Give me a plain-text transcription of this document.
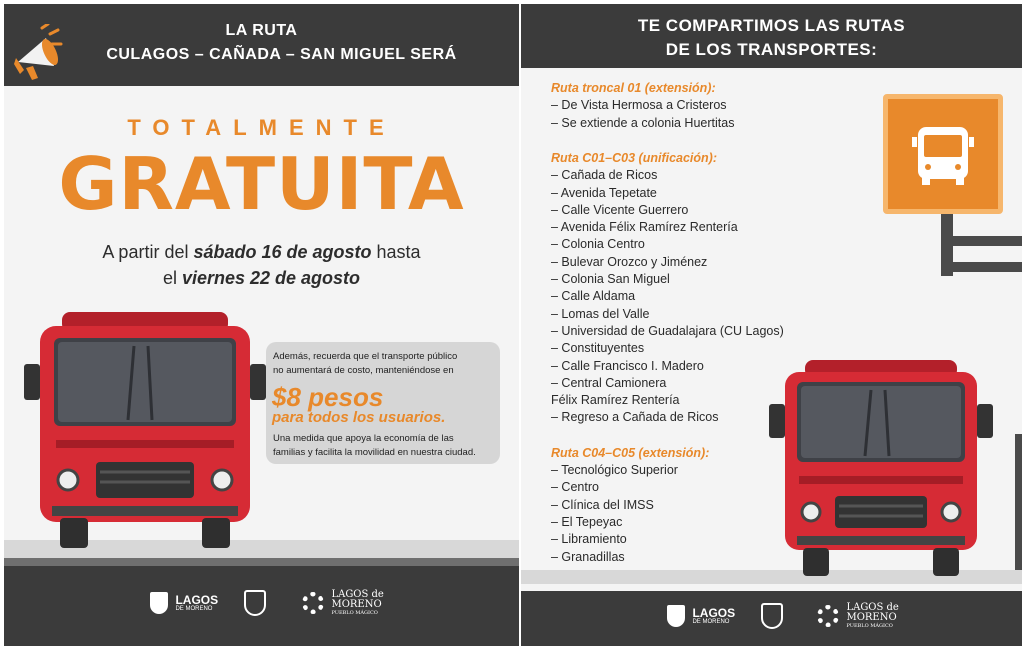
LA RUTA
CULAGOS – CAÑADA – SAN MIGUEL SERÁ
TOTALMENTE
GRATUITA
A partir del sábado 16 de agosto hasta
el viernes 22 de agosto
Además, recuerda que el transporte público
no aumentará de costo, manteniéndose en
$8 pesos
para todos los usuarios.
Una medida que apoya la economía de las
familias y facilita la movilidad en nuestra ciudad.

LAGOS
DE MORENO

LAGOS de
MORENO
PUEBLO MÁGICO
TE COMPARTIMOS LAS RUTAS
DE LOS TRANSPORTES:
Ruta troncal 01 (extensión):
– De Vista Hermosa a Cristeros
– Se extiende a colonia Huertitas
Ruta C01–C03 (unificación):
– Cañada de Ricos
– Avenida Tepetate
– Calle Vicente Guerrero
– Avenida Félix Ramírez Rentería
– Colonia Centro
– Bulevar Orozco y Jiménez
– Colonia San Miguel
– Calle Aldama
– Lomas del Valle
– Universidad de Guadalajara (CU Lagos)
– Constituyentes
– Calle Francisco I. Madero
– Central Camionera
Félix Ramírez Rentería
– Regreso a Cañada de Ricos
Ruta C04–C05 (extensión):
– Tecnológico Superior
– Centro
– Clínica del IMSS
– El Tepeyac
– Libramiento
– Granadillas

LAGOS
DE MORENO

LAGOS de
MORENO
PUEBLO MÁGICO
